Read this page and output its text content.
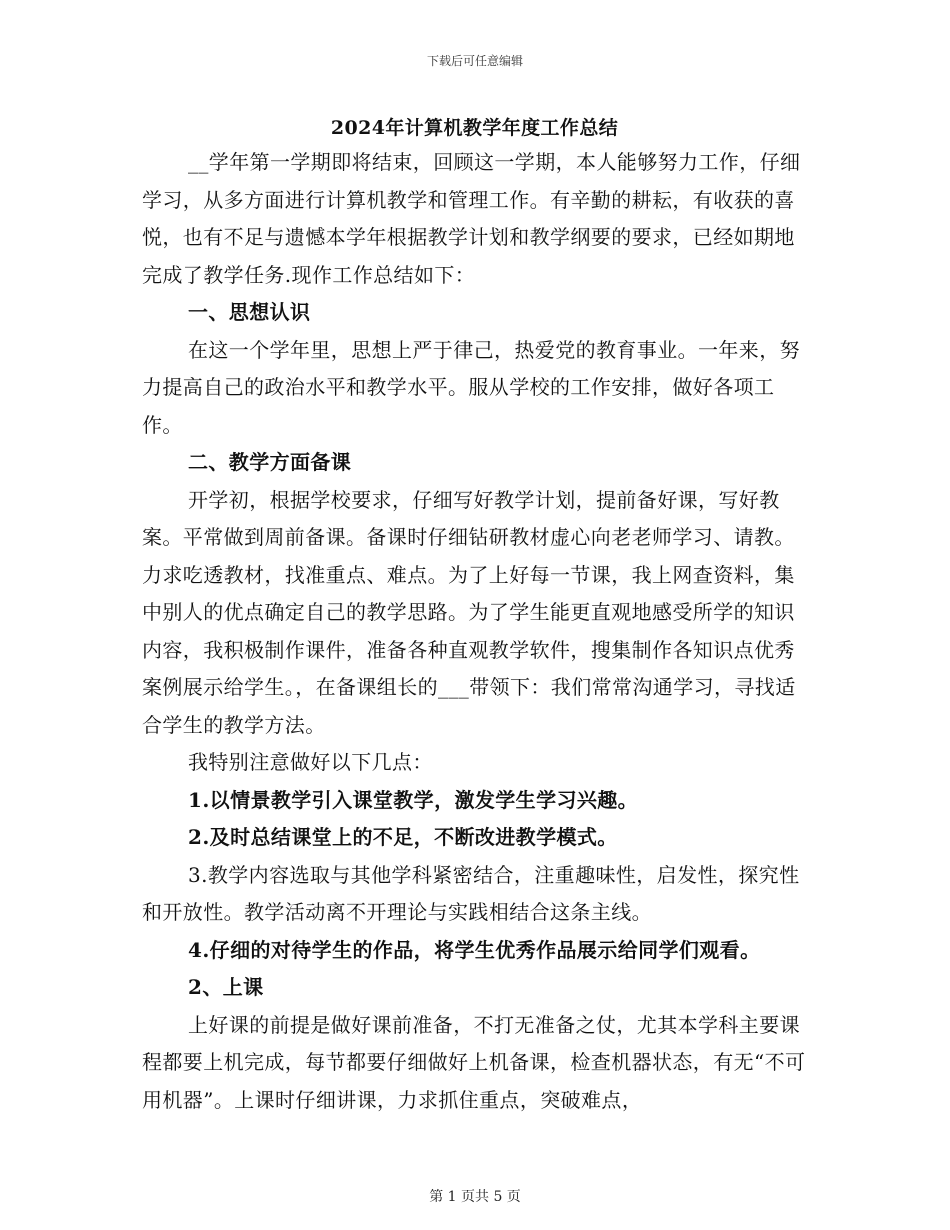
下载后可任意编辑
2024年计算机教学年度工作总结

__学年第一学期即将结束，回顾这一学期，本人能够努力工作，仔细学习，从多方面进行计算机教学和管理工作。有辛勤的耕耘，有收获的喜悦，也有不足与遗憾本学年根据教学计划和教学纲要的要求，已经如期地完成了教学任务.现作工作总结如下：

一、思想认识

在这一个学年里，思想上严于律己，热爱党的教育事业。一年来，努力提高自己的政治水平和教学水平。服从学校的工作安排，做好各项工作。

二、教学方面备课

开学初，根据学校要求，仔细写好教学计划，提前备好课，写好教案。平常做到周前备课。备课时仔细钻研教材虚心向老老师学习、请教。力求吃透教材，找准重点、难点。为了上好每一节课，我上网查资料，集中别人的优点确定自己的教学思路。为了学生能更直观地感受所学的知识内容，我积极制作课件，准备各种直观教学软件，搜集制作各知识点优秀案例展示给学生。，在备课组长的___带领下：我们常常沟通学习，寻找适合学生的教学方法。

我特别注意做好以下几点：

1.以情景教学引入课堂教学，激发学生学习兴趣。

2.及时总结课堂上的不足，不断改进教学模式。

3.教学内容选取与其他学科紧密结合，注重趣味性，启发性，探究性和开放性。教学活动离不开理论与实践相结合这条主线。

4.仔细的对待学生的作品，将学生优秀作品展示给同学们观看。

2、上课

上好课的前提是做好课前准备，不打无准备之仗，尤其本学科主要课程都要上机完成，每节都要仔细做好上机备课，检查机器状态，有无“不可用机器”。上课时仔细讲课，力求抓住重点，突破难点，

第 1 页共 5 页
